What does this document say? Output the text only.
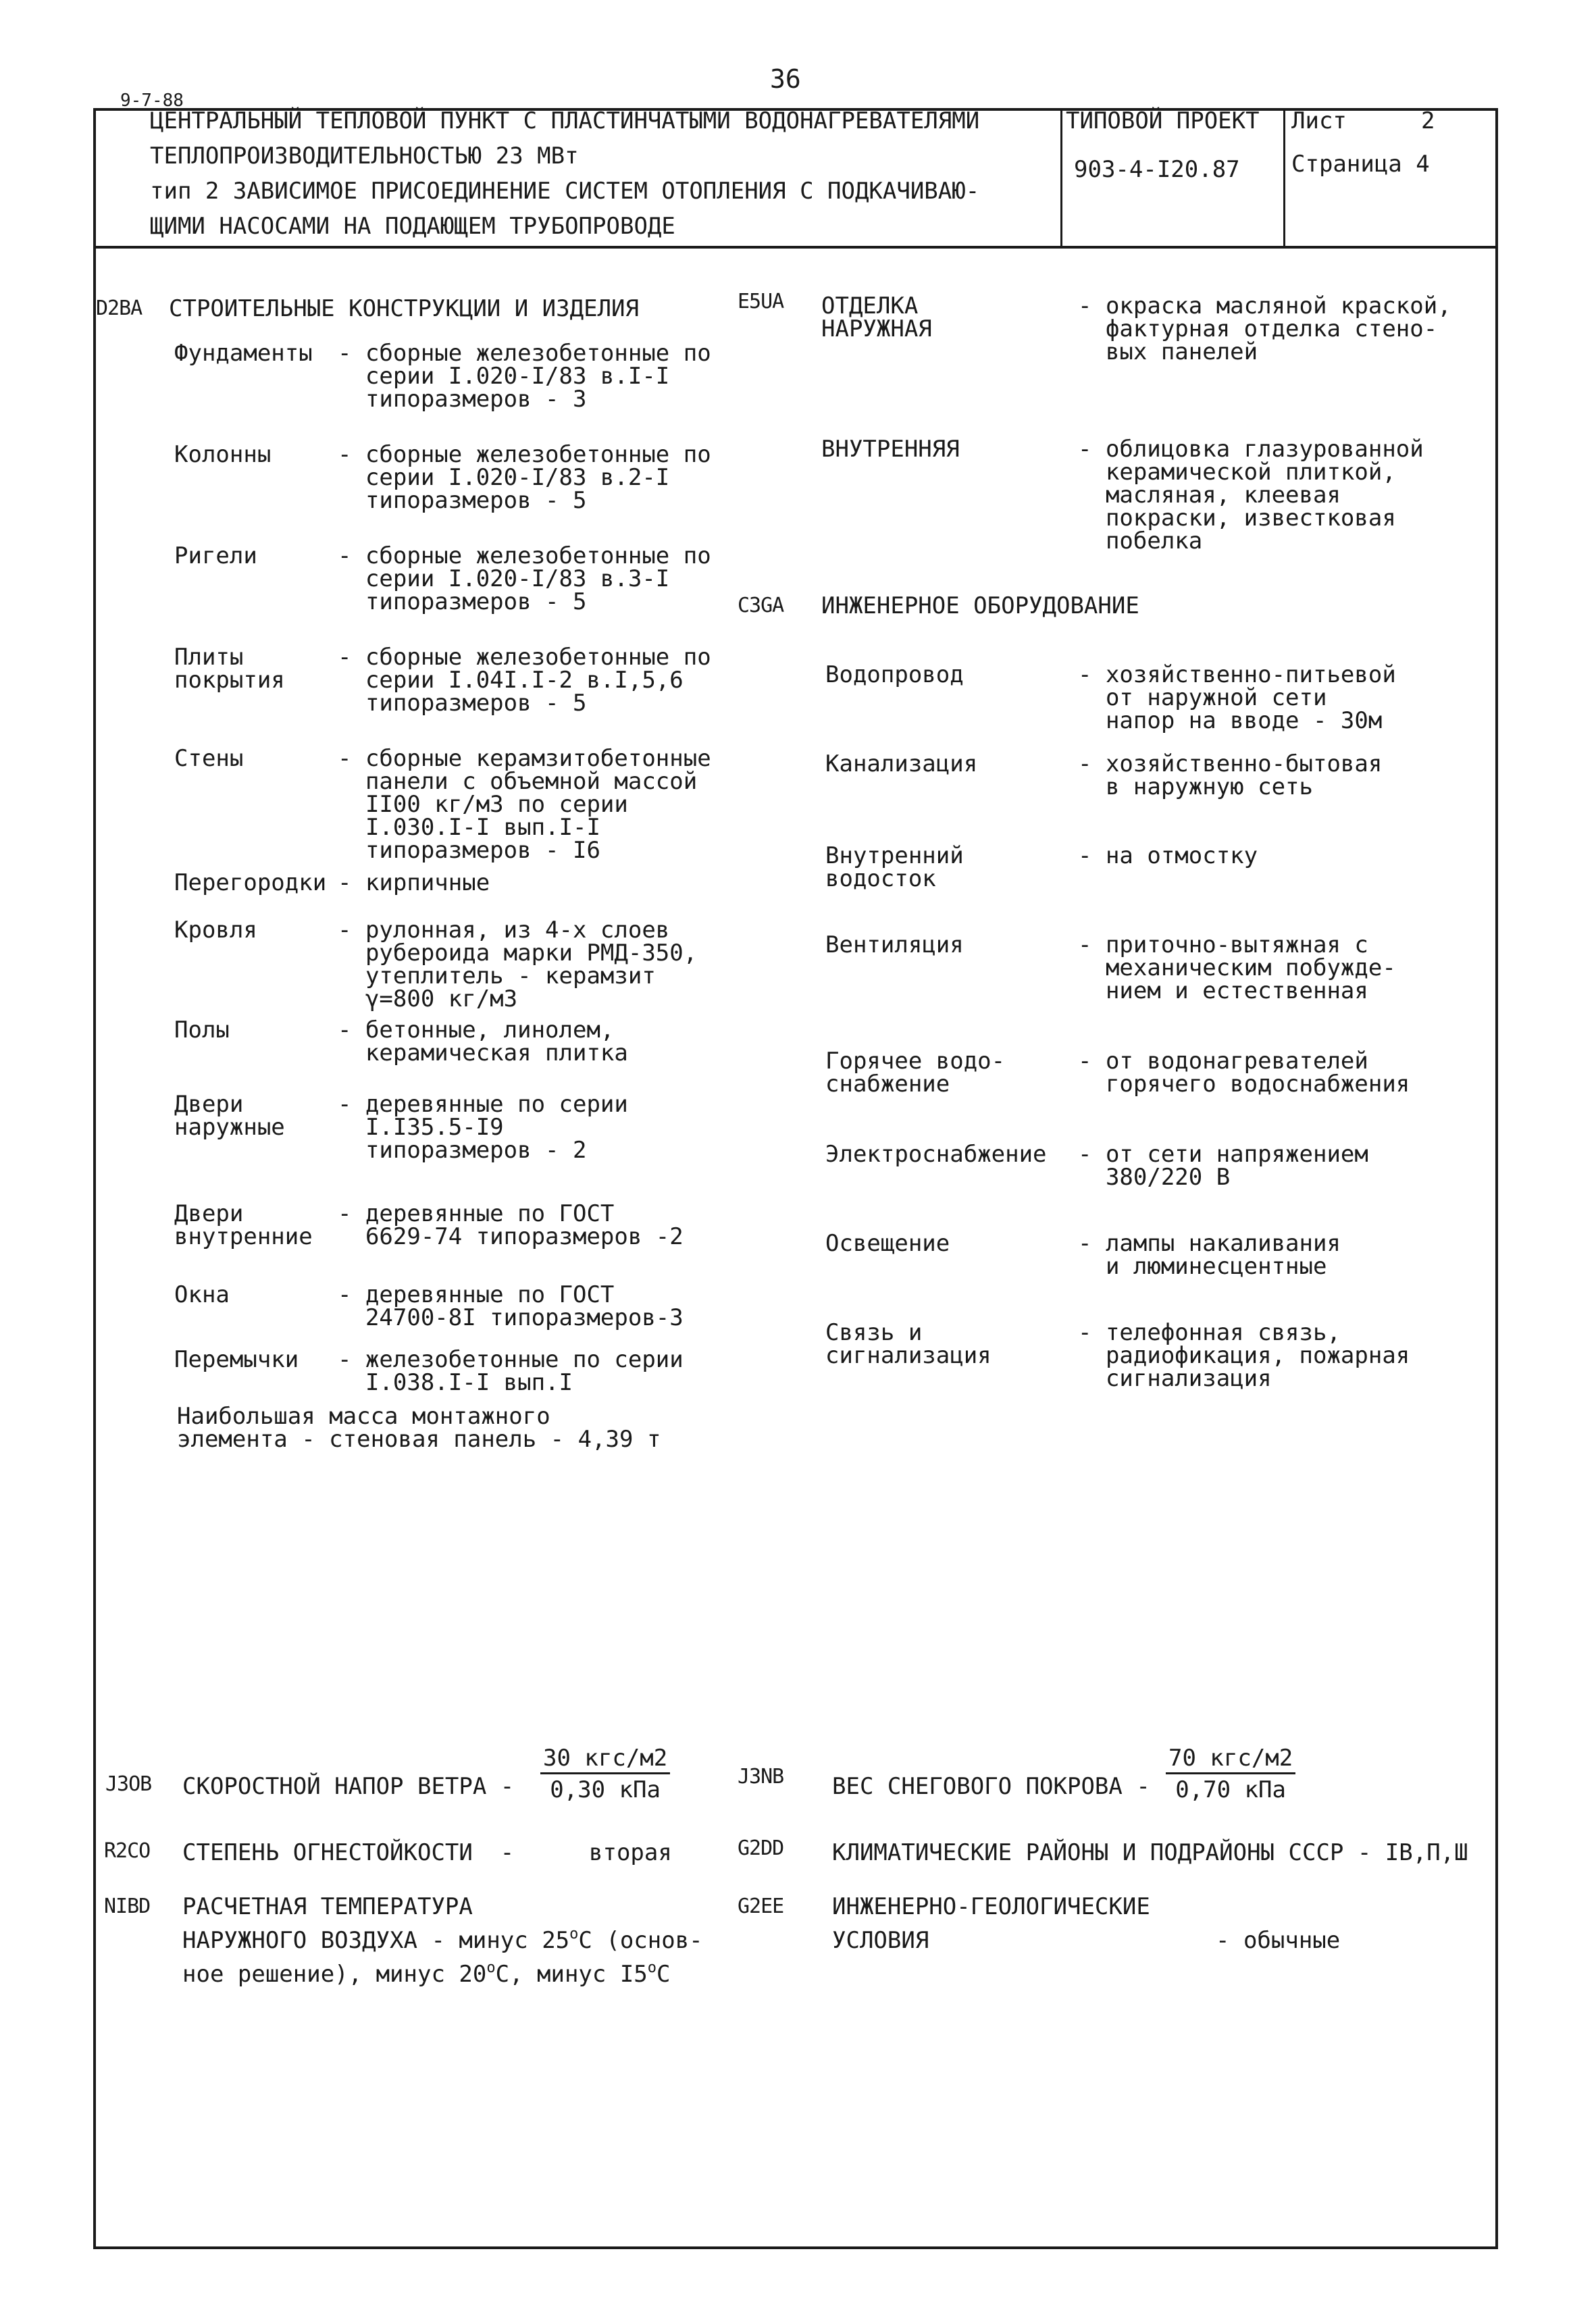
36
9-7-88
ЦЕНТРАЛЬНЫЙ ТЕПЛОВОЙ ПУНКТ С ПЛАСТИНЧАТЫМИ ВОДОНАГРЕВАТЕЛЯМИ
ТЕПЛОПРОИЗВОДИТЕЛЬНОСТЬЮ 23 МВт
тип 2 ЗАВИСИМОЕ ПРИСОЕДИНЕНИЕ СИСТЕМ ОТОПЛЕНИЯ С ПОДКАЧИВАЮ-
ЩИМИ НАСОСАМИ НА ПОДАЮЩЕМ ТРУБОПРОВОДЕ
ТИПОВОЙ ПРОЕКТ
903-4-I20.87
Лист	2
Страница 4
D2BA СТРОИТЕЛЬНЫЕ КОНСТРУКЦИИ И ИЗДЕЛИЯ
Фундаменты - сборные железобетонные по
серии I.020-I/83 в.I-I
типоразмеров - 3
Колонны	- сборные железобетонные по
серии I.020-I/83 в.2-I
типоразмеров - 5
Ригели	- сборные железобетонные по
серии I.020-I/83 в.3-I
типоразмеров - 5
Плиты
покрытия
- сборные железобетонные по
серии I.04I.I-2 в.I,5,6
типоразмеров - 5
Стены	- сборные керамзитобетонные
панели с объемной массой
II00 кг/м3 по серии
I.030.I-I вып.I-I
типоразмеров - I6
Перегородки - кирпичные
Кровля	- рулонная, из 4-х слоев
рубероида марки РМД-350,
утеплитель - керамзит
γ=800 кг/м3
Полы	- бетонные, линолем,
керамическая плитка
Двери
наружные
- деревянные по серии
I.I35.5-I9
типоразмеров - 2
Двери
внутренние
- деревянные по ГОСТ
6629-74 типоразмеров -2
Окна	- деревянные по ГОСТ
24700-8I типоразмеров-3
Перемычки - железобетонные по серии
I.038.I-I вып.I
Наибольшая масса монтажного
элемента - стеновая панель - 4,39 т
E5UA ОТДЕЛКА
НАРУЖНАЯ
- окраска масляной краской,
фактурная отделка стено-
вых панелей
ВНУТРЕННЯЯ	- облицовка глазурованной
керамической плиткой,
масляная, клеевая
покраски, известковая
побелка
C3GA ИНЖЕНЕРНОЕ ОБОРУДОВАНИЕ
Водопровод	- хозяйственно-питьевой
от наружной сети
напор на вводе - 30м
Канализация	- хозяйственно-бытовая
в наружную сеть
Внутренний
водосток
- на отмостку
Вентиляция	- приточно-вытяжная с
механическим побужде-
нием и естественная
Горячее водо-
снабжение
- от водонагревателей
горячего водоснабжения
Электроснабжение - от сети напряжением
380/220 В
Освещение	- лампы накаливания
и люминесцентные
Связь и
сигнализация
- телефонная связь,
радиофикация, пожарная
сигнализация
J3OB СКОРОСТНОЙ НАПОР ВЕТРА -
30 кгс/м2
0,30 кПа	J3NB ВЕС СНЕГОВОГО ПОКРОВА -
70 кгс/м2
0,70 кПа
R2CO СТЕПЕНЬ ОГНЕСТОЙКОСТИ  -	вторая	G2DD КЛИМАТИЧЕСКИЕ РАЙОНЫ И ПОДРАЙОНЫ СССР - IB,П,Ш
NIBD РАСЧЕТНАЯ ТЕМПЕРАТУРА
НАРУЖНОГО ВОЗДУХА - минус $25^оС$ (основ-
ное решение), минус $20^оС$, минус $I5^оС$
G2EE ИНЖЕНЕРНО-ГЕОЛОГИЧЕСКИЕ
УСЛОВИЯ	- обычные
